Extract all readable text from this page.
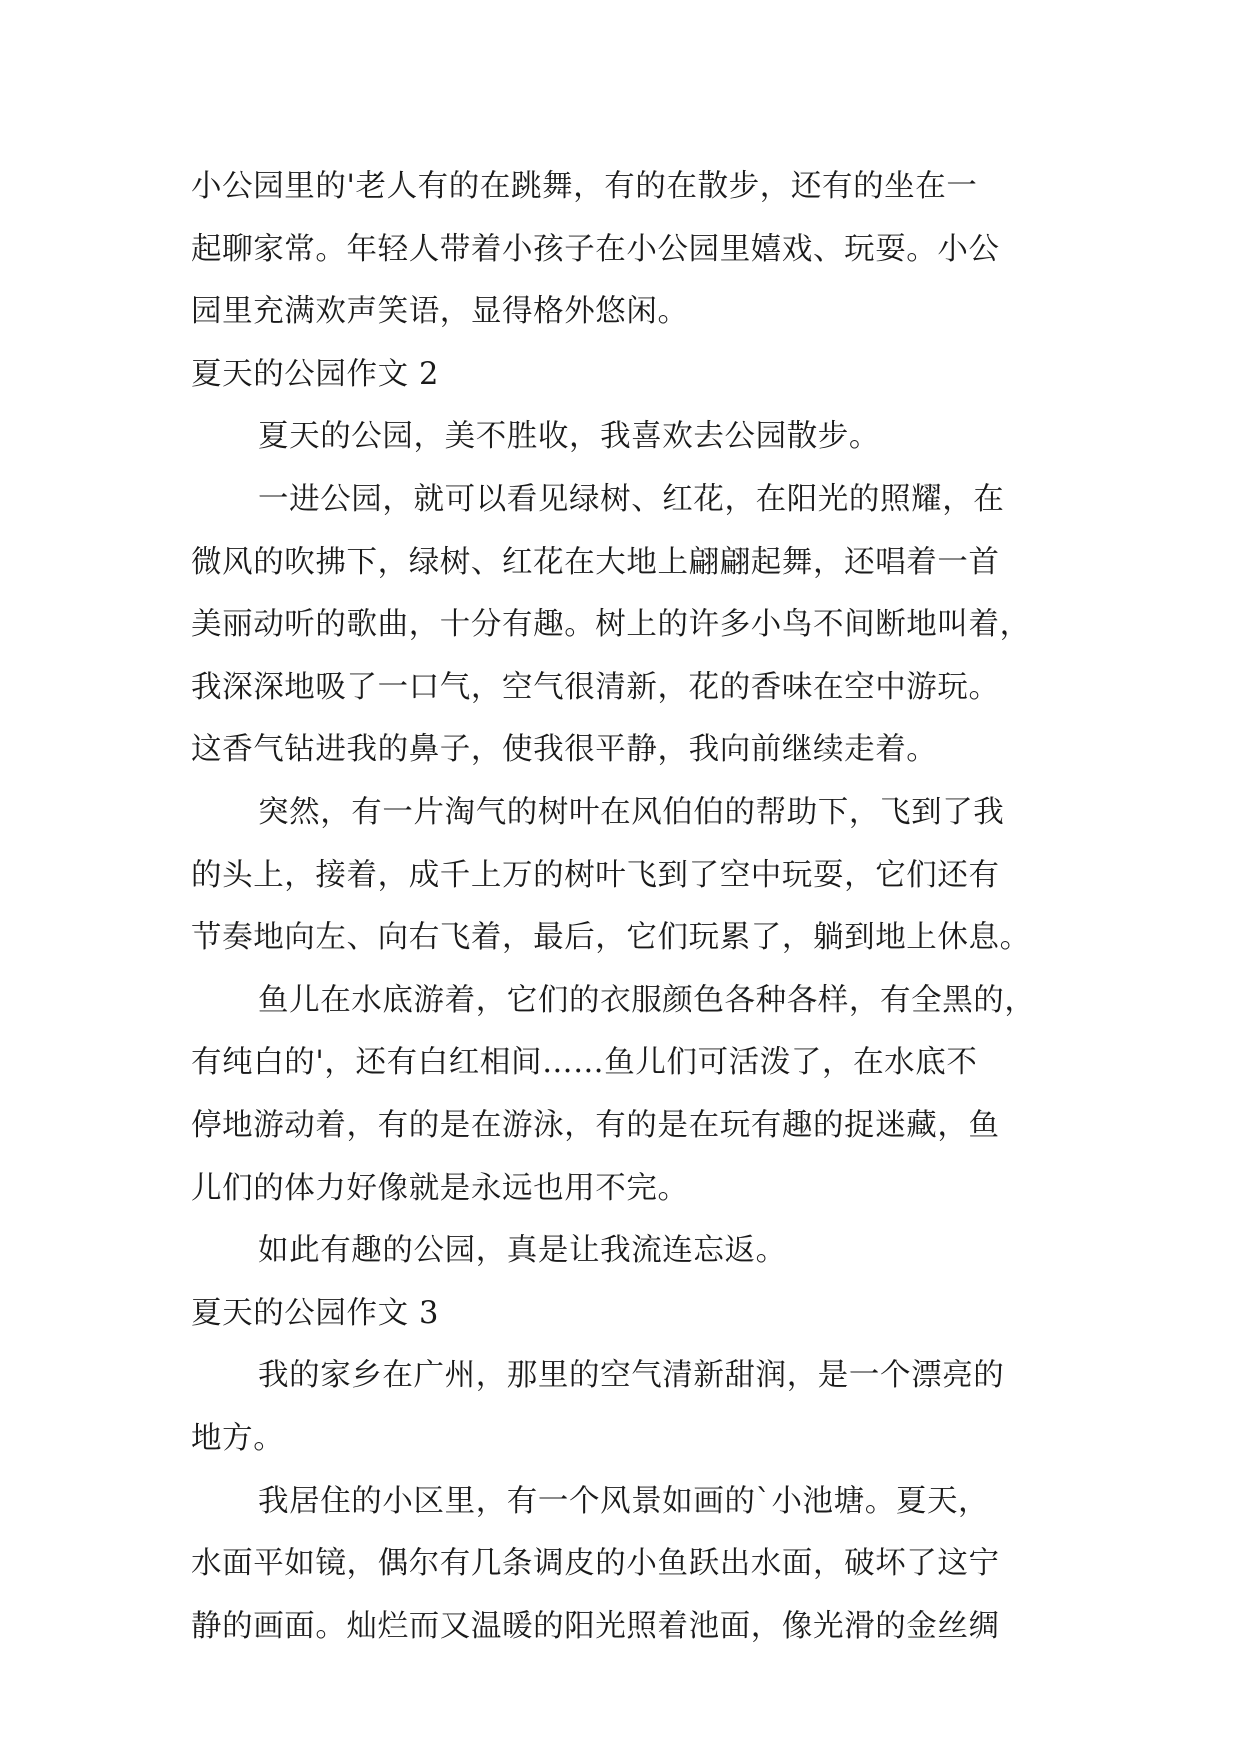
小公园里的'老人有的在跳舞，有的在散步，还有的坐在一
起聊家常。年轻人带着小孩子在小公园里嬉戏、玩耍。小公
园里充满欢声笑语，显得格外悠闲。
夏天的公园作文 2
夏天的公园，美不胜收，我喜欢去公园散步。
一进公园，就可以看见绿树、红花，在阳光的照耀，在
微风的吹拂下，绿树、红花在大地上翩翩起舞，还唱着一首
美丽动听的歌曲，十分有趣。树上的许多小鸟不间断地叫着，
我深深地吸了一口气，空气很清新，花的香味在空中游玩。
这香气钻进我的鼻子，使我很平静，我向前继续走着。
突然，有一片淘气的树叶在风伯伯的帮助下，飞到了我
的头上，接着，成千上万的树叶飞到了空中玩耍，它们还有
节奏地向左、向右飞着，最后，它们玩累了，躺到地上休息。
鱼儿在水底游着，它们的衣服颜色各种各样，有全黑的，
有纯白的'，还有白红相间……鱼儿们可活泼了，在水底不
停地游动着，有的是在游泳，有的是在玩有趣的捉迷藏，鱼
儿们的体力好像就是永远也用不完。
如此有趣的公园，真是让我流连忘返。
夏天的公园作文 3
我的家乡在广州，那里的空气清新甜润，是一个漂亮的
地方。
我居住的小区里，有一个风景如画的`小池塘。夏天，
水面平如镜，偶尔有几条调皮的小鱼跃出水面，破坏了这宁
静的画面。灿烂而又温暖的阳光照着池面，像光滑的金丝绸
